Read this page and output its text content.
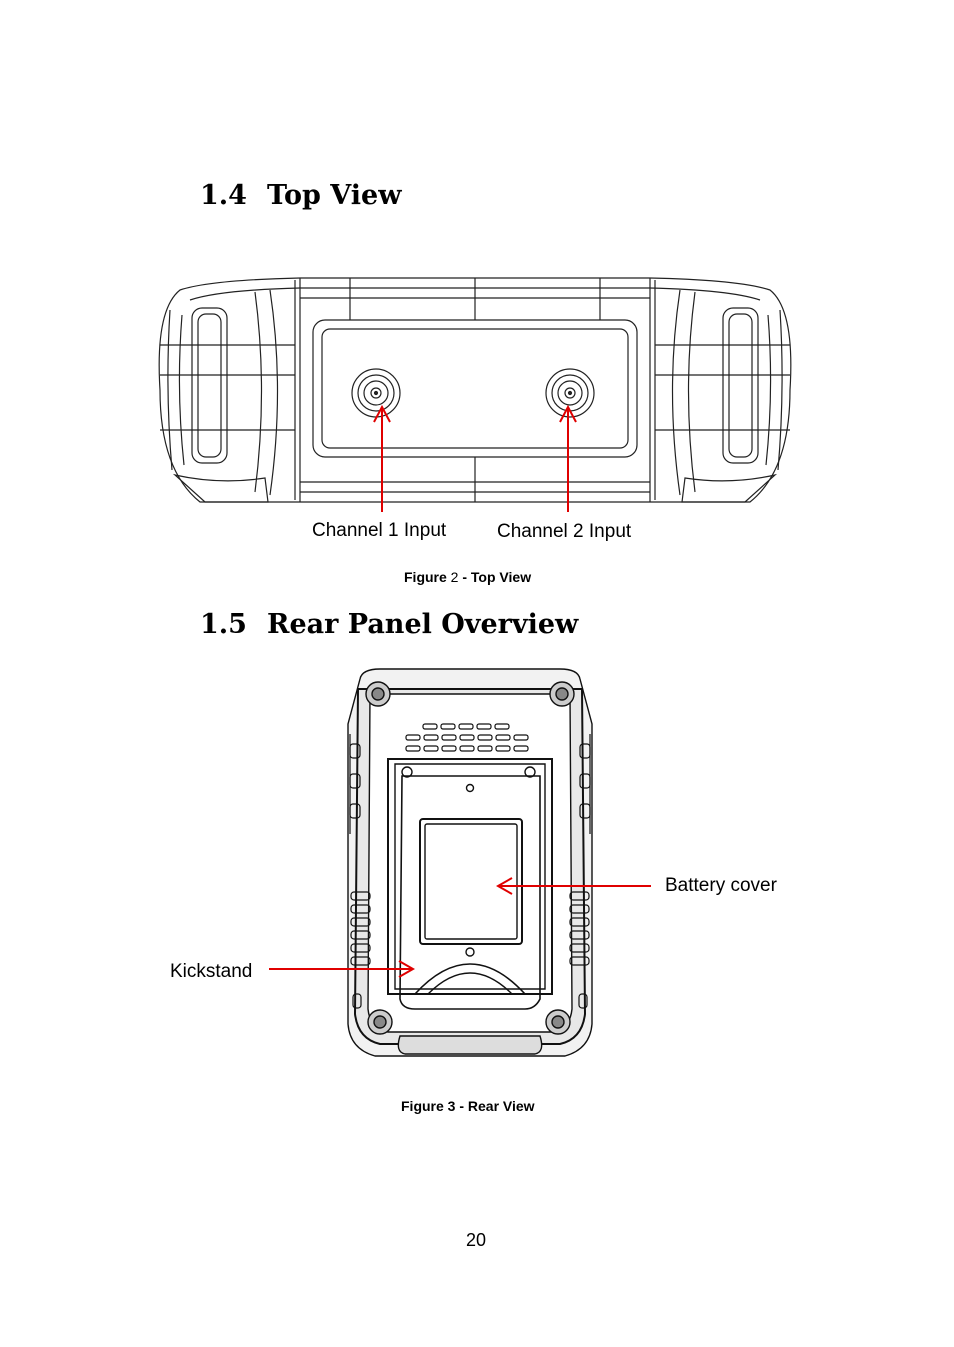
1.4 Top View
Channel 1 Input	Channel 2 Input
Figure 2 - Top View
1.5 Rear Panel Overview
Battery cover
Kickstand
Figure 3 - Rear View
20
